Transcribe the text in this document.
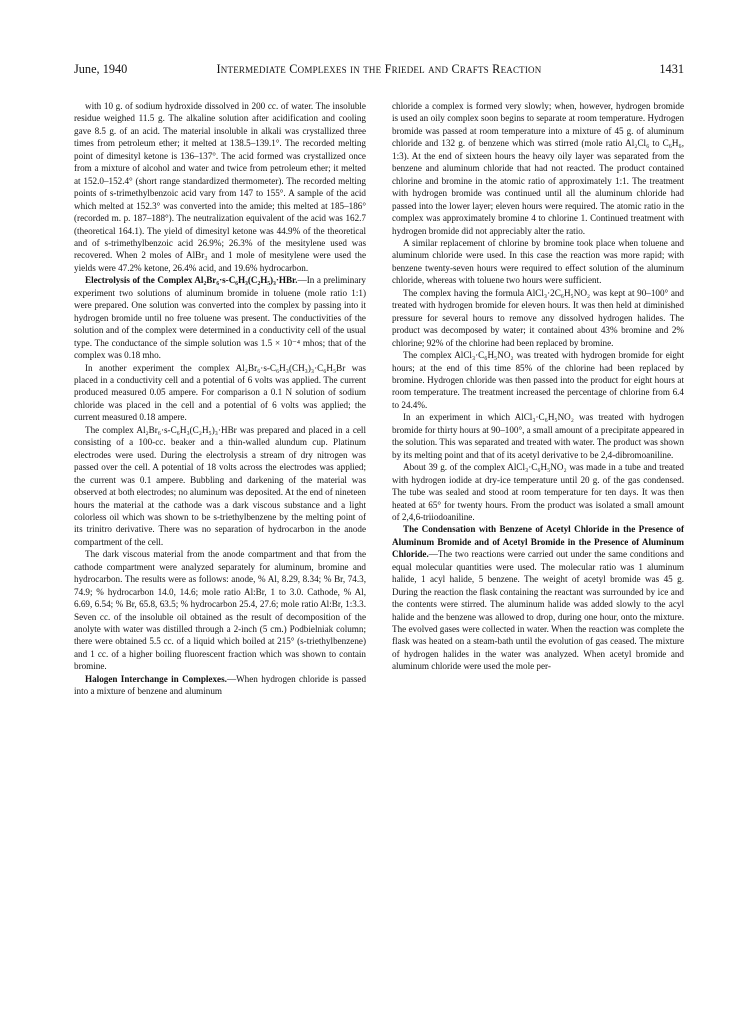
June, 1940	Intermediate Complexes in the Friedel and Crafts Reaction	1431

with 10 g. of sodium hydroxide dissolved in 200 cc. of water. The insoluble residue weighed 11.5 g. The alkaline solution after acidification and cooling gave 8.5 g. of an acid. The material insoluble in alkali was crystallized three times from petroleum ether; it melted at 138.5–139.1°. The recorded melting point of dimesityl ketone is 136–137°. The acid formed was crystallized once from a mixture of alcohol and water and twice from petroleum ether; it melted at 152.0–152.4° (short range standardized thermometer). The recorded melting points of s-trimethylbenzoic acid vary from 147 to 155°. A sample of the acid which melted at 152.3° was converted into the amide; this melted at 185–186° (recorded m. p. 187–188°). The neutralization equivalent of the acid was 162.7 (theoretical 164.1). The yield of dimesityl ketone was 44.9% of the theoretical and of s-trimethylbenzoic acid 26.9%; 26.3% of the mesitylene used was recovered. When 2 moles of AlBr₃ and 1 mole of mesitylene were used the yields were 47.2% ketone, 26.4% acid, and 19.6% hydrocarbon.

Electrolysis of the Complex Al₂Br₆·s-C₆H₃(C₂H₅)₃·HBr.—In a preliminary experiment two solutions of aluminum bromide in toluene (mole ratio 1:1) were prepared. One solution was converted into the complex by passing into it hydrogen bromide until no free toluene was present. The conductivities of the solution and of the complex were determined in a conductivity cell of the usual type. The conductance of the simple solution was 1.5 × 10⁻⁴ mhos; that of the complex was 0.18 mho.

In another experiment the complex Al₂Br₆·s-C₆H₃(CH₃)₃·C₆H₅Br was placed in a conductivity cell and a potential of 6 volts was applied. The current produced measured 0.05 ampere. For comparison a 0.1 N solution of sodium chloride was placed in the cell and a potential of 6 volts was applied; the current measured 0.18 ampere.

The complex Al₂Br₆·s-C₆H₃(C₂H₅)₃·HBr was prepared and placed in a cell consisting of a 100-cc. beaker and a thin-walled alundum cup. Platinum electrodes were used. During the electrolysis a stream of dry nitrogen was passed over the cell. A potential of 18 volts across the electrodes was applied; the current was 0.1 ampere. Bubbling and darkening of the material was observed at both electrodes; no aluminum was deposited. At the end of nineteen hours the material at the cathode was a dark viscous substance and a light colorless oil which was shown to be s-triethylbenzene by the melting point of its trinitro derivative. There was no separation of hydrocarbon in the anode compartment of the cell.

The dark viscous material from the anode compartment and that from the cathode compartment were analyzed separately for aluminum, bromine and hydrocarbon. The results were as follows: anode, % Al, 8.29, 8.34; % Br, 74.3, 74.9; % hydrocarbon 14.0, 14.6; mole ratio Al:Br, 1 to 3.0. Cathode, % Al, 6.69, 6.54; % Br, 65.8, 63.5; % hydrocarbon 25.4, 27.6; mole ratio Al:Br, 1:3.3. Seven cc. of the insoluble oil obtained as the result of decomposition of the anolyte with water was distilled through a 2-inch (5 cm.) Podbielniak column; there were obtained 5.5 cc. of a liquid which boiled at 215° (s-triethylbenzene) and 1 cc. of a higher boiling fluorescent fraction which was shown to contain bromine.

Halogen Interchange in Complexes.—When hydrogen chloride is passed into a mixture of benzene and aluminum

chloride a complex is formed very slowly; when, however, hydrogen bromide is used an oily complex soon begins to separate at room temperature. Hydrogen bromide was passed at room temperature into a mixture of 45 g. of aluminum chloride and 132 g. of benzene which was stirred (mole ratio Al₂Cl₆ to C₆H₆, 1:3). At the end of sixteen hours the heavy oily layer was separated from the benzene and aluminum chloride that had not reacted. The product contained chlorine and bromine in the atomic ratio of approximately 1:1. The treatment with hydrogen bromide was continued until all the aluminum chloride had passed into the lower layer; eleven hours were required. The atomic ratio in the complex was approximately bromine 4 to chlorine 1. Continued treatment with hydrogen bromide did not appreciably alter the ratio.

A similar replacement of chlorine by bromine took place when toluene and aluminum chloride were used. In this case the reaction was more rapid; with benzene twenty-seven hours were required to effect solution of the aluminum chloride, whereas with toluene two hours were sufficient.

The complex having the formula AlCl₃·2C₆H₅NO₂ was kept at 90–100° and treated with hydrogen bromide for eleven hours. It was then held at diminished pressure for several hours to remove any dissolved hydrogen halides. The product was decomposed by water; it contained about 43% bromine and 2% chlorine; 92% of the chlorine had been replaced by bromine.

The complex AlCl₃·C₆H₅NO₂ was treated with hydrogen bromide for eight hours; at the end of this time 85% of the chlorine had been replaced by bromine. Hydrogen chloride was then passed into the product for eight hours at room temperature. The treatment increased the percentage of chlorine from 6.4 to 24.4%.

In an experiment in which AlCl₃·C₆H₅NO₂ was treated with hydrogen bromide for thirty hours at 90–100°, a small amount of a precipitate appeared in the solution. This was separated and treated with water. The product was shown by its melting point and that of its acetyl derivative to be 2,4-dibromoaniline.

About 39 g. of the complex AlCl₃·C₆H₅NO₂ was made in a tube and treated with hydrogen iodide at dry-ice temperature until 20 g. of the gas condensed. The tube was sealed and stood at room temperature for ten days. It was then heated at 65° for twenty hours. From the product was isolated a small amount of 2,4,6-triiodoaniline.

The Condensation with Benzene of Acetyl Chloride in the Presence of Aluminum Bromide and of Acetyl Bromide in the Presence of Aluminum Chloride.—The two reactions were carried out under the same conditions and equal molecular quantities were used. The molecular ratio was 1 aluminum halide, 1 acyl halide, 5 benzene. The weight of acetyl bromide was 45 g. During the reaction the flask containing the reactant was surrounded by ice and the contents were stirred. The aluminum halide was added slowly to the acyl halide and the benzene was allowed to drop, during one hour, onto the mixture. The evolved gases were collected in water. When the reaction was complete the flask was heated on a steam-bath until the evolution of gas ceased. The mixture of hydrogen halides in the water was analyzed. When acetyl bromide and aluminum chloride were used the mole per-
